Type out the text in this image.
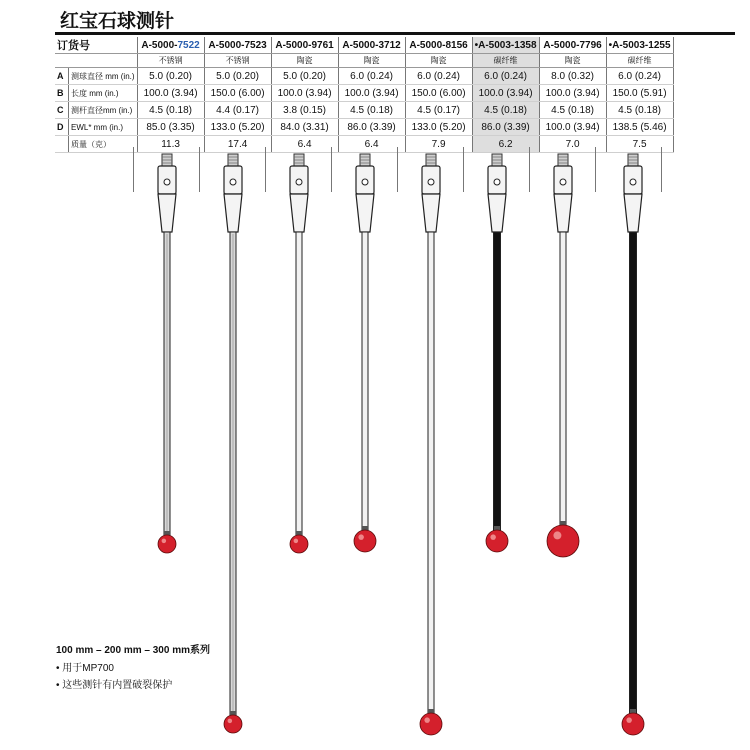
红宝石球测针
订货号		A-5000-7522	A-5000-7523	A-5000-9761	A-5000-3712	A-5000-8156	•A-5003-1358	A-5000-7796	•A-5003-1255
		不锈钢	不锈钢	陶瓷	陶瓷	陶瓷	碳纤维	陶瓷	碳纤维
A	测球直径 mm (in.)	5.0 (0.20)	5.0 (0.20)	5.0 (0.20)	6.0 (0.24)	6.0 (0.24)	6.0 (0.24)	8.0 (0.32)	6.0 (0.24)
B	长度 mm (in.)	100.0 (3.94)	150.0 (6.00)	100.0 (3.94)	100.0 (3.94)	150.0 (6.00)	100.0 (3.94)	100.0 (3.94)	150.0 (5.91)
C	测杆直径mm (in.)	4.5 (0.18)	4.4 (0.17)	3.8 (0.15)	4.5 (0.18)	4.5 (0.17)	4.5 (0.18)	4.5 (0.18)	4.5 (0.18)
D	EWL* mm (in.)	85.0 (3.35)	133.0 (5.20)	84.0 (3.31)	86.0 (3.39)	133.0 (5.20)	86.0 (3.39)	100.0 (3.94)	138.5 (5.46)
	质量（克）	11.3	17.4	6.4	6.4	7.9	6.2	7.0	7.5
100 mm – 200 mm – 300 mm系列
• 用于MP700
• 这些测针有内置破裂保护
